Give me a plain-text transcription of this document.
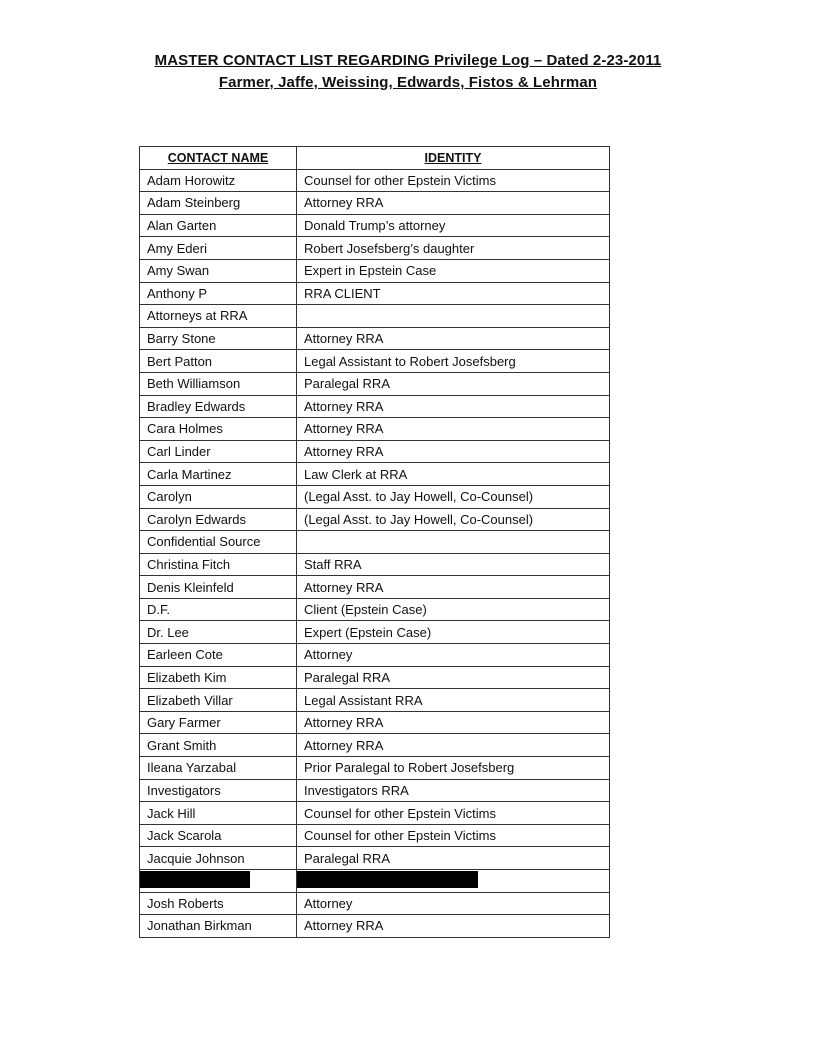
MASTER CONTACT LIST REGARDING Privilege Log – Dated 2-23-2011
Farmer, Jaffe, Weissing, Edwards, Fistos & Lehrman
CONTACT NAME	IDENTITY
Adam Horowitz	Counsel for other Epstein Victims
Adam Steinberg	Attorney RRA
Alan Garten	Donald Trump’s attorney
Amy Ederi	Robert Josefsberg’s daughter
Amy Swan	Expert in Epstein Case
Anthony P	RRA CLIENT
Attorneys at RRA	
Barry Stone	Attorney RRA
Bert Patton	Legal Assistant to Robert Josefsberg
Beth Williamson	Paralegal RRA
Bradley Edwards	Attorney RRA
Cara Holmes	Attorney RRA
Carl Linder	Attorney RRA
Carla Martinez	Law Clerk at RRA
Carolyn	(Legal Asst. to Jay Howell, Co-Counsel)
Carolyn Edwards	(Legal Asst. to Jay Howell, Co-Counsel)
Confidential Source	
Christina Fitch	Staff RRA
Denis Kleinfeld	Attorney RRA
D.F.	Client (Epstein Case)
Dr. Lee	Expert (Epstein Case)
Earleen Cote	Attorney
Elizabeth Kim	Paralegal RRA
Elizabeth Villar	Legal Assistant RRA
Gary Farmer	Attorney RRA
Grant Smith	Attorney RRA
Ileana Yarzabal	Prior Paralegal to Robert Josefsberg
Investigators	Investigators RRA
Jack Hill	Counsel for other Epstein Victims
Jack Scarola	Counsel for other Epstein Victims
Jacquie Johnson	Paralegal RRA

Josh Roberts	Attorney
Jonathan Birkman	Attorney RRA
